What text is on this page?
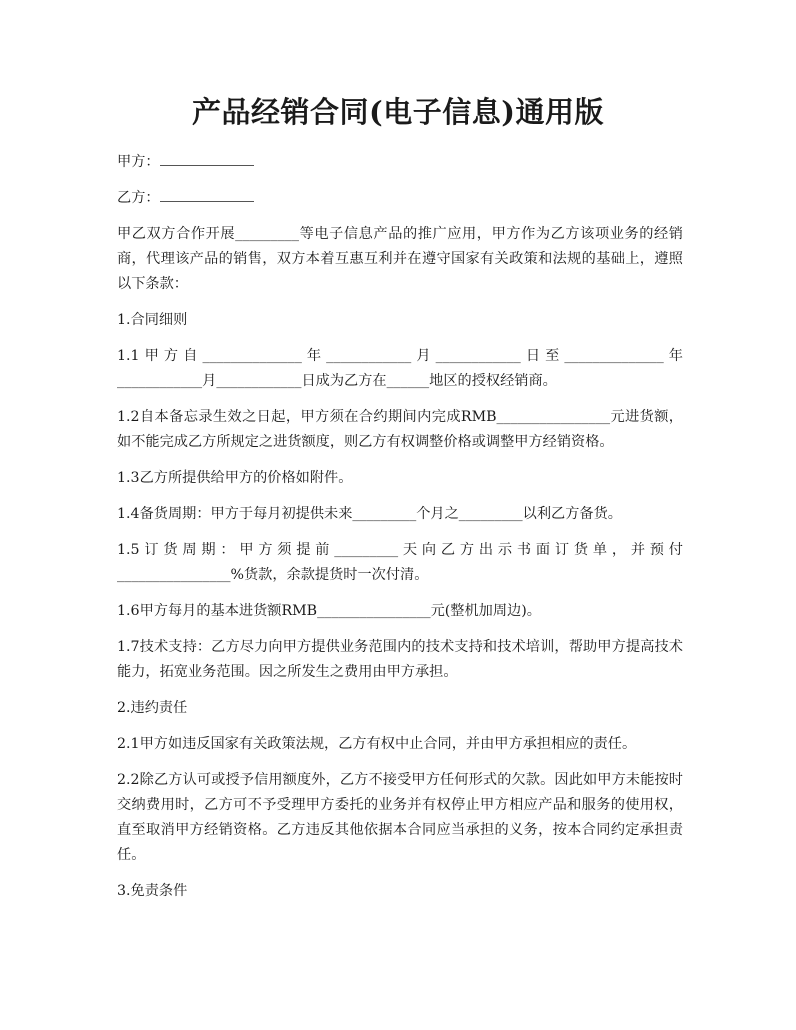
产品经销合同(电子信息)通用版

甲方：

乙方：

甲乙双方合作开展_________等电子信息产品的推广应用，甲方作为乙方该项业务的经销商，代理该产品的销售，双方本着互惠互利并在遵守国家有关政策和法规的基础上，遵照以下条款：

1.合同细则

1.1甲方自______________年____________月____________日至______________年____________月____________日成为乙方在______地区的授权经销商。

1.2自本备忘录生效之日起，甲方须在合约期间内完成RMB________________元进货额，如不能完成乙方所规定之进货额度，则乙方有权调整价格或调整甲方经销资格。

1.3乙方所提供给甲方的价格如附件。

1.4备货周期：甲方于每月初提供未来_________个月之_________以利乙方备货。

1.5订货周期：甲方须提前_________天向乙方出示书面订货单，并预付________________%货款，余款提货时一次付清。

1.6甲方每月的基本进货额RMB________________元(整机加周边)。

1.7技术支持：乙方尽力向甲方提供业务范围内的技术支持和技术培训，帮助甲方提高技术能力，拓宽业务范围。因之所发生之费用由甲方承担。

2.违约责任

2.1甲方如违反国家有关政策法规，乙方有权中止合同，并由甲方承担相应的责任。

2.2除乙方认可或授予信用额度外，乙方不接受甲方任何形式的欠款。因此如甲方未能按时交纳费用时，乙方可不予受理甲方委托的业务并有权停止甲方相应产品和服务的使用权，直至取消甲方经销资格。乙方违反其他依据本合同应当承担的义务，按本合同约定承担责任。

3.免责条件
